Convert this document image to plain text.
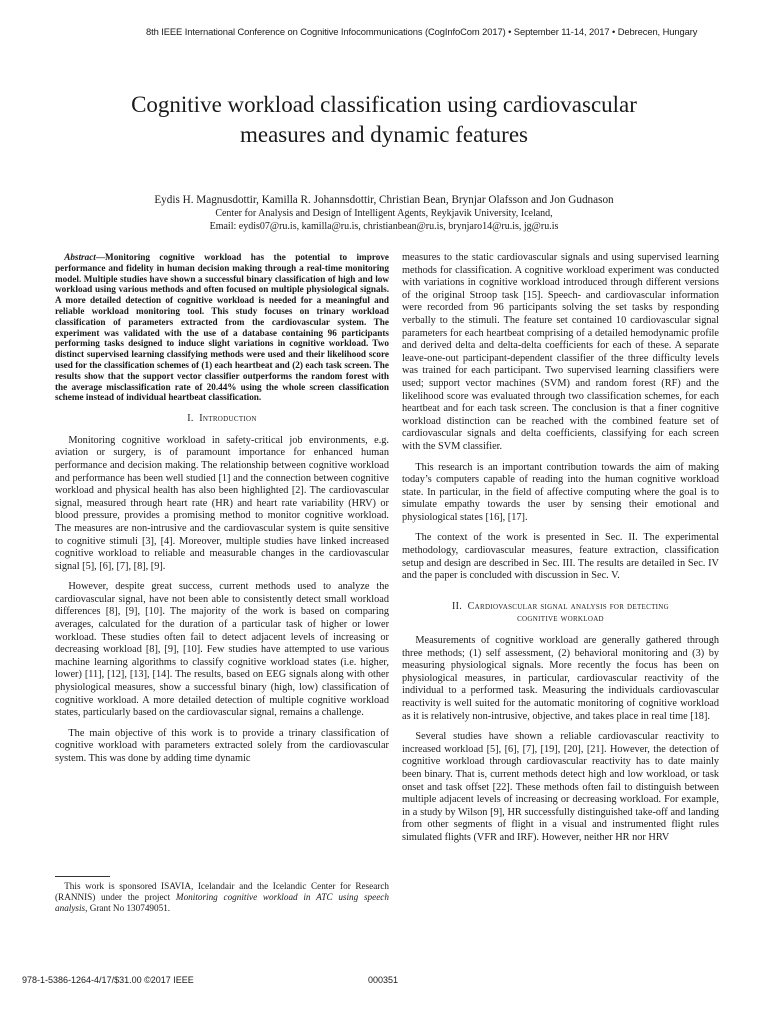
8th IEEE International Conference on Cognitive Infocommunications (CogInfoCom 2017) • September 11-14, 2017 • Debrecen, Hungary
Cognitive workload classification using cardiovascular
measures and dynamic features
Eydis H. Magnusdottir, Kamilla R. Johannsdottir, Christian Bean, Brynjar Olafsson and Jon Gudnason
Center for Analysis and Design of Intelligent Agents, Reykjavik University, Iceland,
Email: eydis07@ru.is, kamilla@ru.is, christianbean@ru.is, brynjaro14@ru.is, jg@ru.is

Abstract—Monitoring cognitive workload has the potential to improve performance and fidelity in human decision making through a real-time monitoring model. Multiple studies have shown a successful binary classification of high and low workload using various methods and often focused on multiple physiological signals. A more detailed detection of cognitive workload is needed for a meaningful and reliable workload monitoring tool. This study focuses on trinary workload classification of parameters extracted from the cardiovascular system. The experiment was validated with the use of a database containing 96 participants performing tasks designed to induce slight variations in cognitive workload. Two distinct supervised learning classifying methods were used and their likelihood score used for the classification schemes of (1) each heartbeat and (2) each task screen. The results show that the support vector classifier outperforms the random forest with the average misclassification rate of 20.44% using the whole screen classification scheme instead of individual heartbeat classification.

I. Introduction

Monitoring cognitive workload in safety-critical job environments, e.g. aviation or surgery, is of paramount importance for enhanced human performance and decision making. The relationship between cognitive workload and performance has been well studied [1] and the connection between cognitive workload and physical health has also been highlighted [2]. The cardiovascular signal, measured through heart rate (HR) and heart rate variability (HRV) or blood pressure, provides a promising method to monitor cognitive workload. The measures are non-intrusive and the cardiovascular system is quite sensitive to cognitive stimuli [3], [4]. Moreover, multiple studies have linked increased cognitive workload to reliable and measurable changes in the cardiovascular signal [5], [6], [7], [8], [9].

However, despite great success, current methods used to analyze the cardiovascular signal, have not been able to consistently detect small workload differences [8], [9], [10]. The majority of the work is based on comparing averages, calculated for the duration of a particular task of higher or lower workload. These studies often fail to detect adjacent levels of increasing or decreasing workload [8], [9], [10]. Few studies have attempted to use various machine learning algorithms to classify cognitive workload states (i.e. higher, lower) [11], [12], [13], [14]. The results, based on EEG signals along with other physiological measures, show a successful binary (high, low) classification of cognitive workload. A more detailed detection of multiple cognitive workload states, particularly based on the cardiovascular signal, remains a challenge.

The main objective of this work is to provide a trinary classification of cognitive workload with parameters extracted solely from the cardiovascular system. This was done by adding time dynamic

measures to the static cardiovascular signals and using supervised learning methods for classification. A cognitive workload experiment was conducted with variations in cognitive workload introduced through different versions of the original Stroop task [15]. Speech- and cardiovascular information were recorded from 96 participants solving the set tasks by responding verbally to the stimuli. The feature set contained 10 cardiovascular signal parameters for each heartbeat comprising of a detailed hemodynamic profile and derived delta and delta-delta coefficients for each of these. A separate leave-one-out participant-dependent classifier of the three difficulty levels was trained for each participant. Two supervised learning classifiers were used; support vector machines (SVM) and random forest (RF) and the likelihood score was evaluated through two classification schemes, for each heartbeat and for each task screen. The conclusion is that a finer cognitive workload distinction can be reached with the combined feature set of cardiovascular signals and delta coefficients, classifying for each screen with the SVM classifier.

This research is an important contribution towards the aim of making today’s computers capable of reading into the human cognitive workload state. In particular, in the field of affective computing where the goal is to simulate empathy towards the user by sensing their emotional and physiological states [16], [17].

The context of the work is presented in Sec. II. The experimental methodology, cardiovascular measures, feature extraction, classification setup and design are described in Sec. III. The results are detailed in Sec. IV and the paper is concluded with discussion in Sec. V.

II. Cardiovascular signal analysis for detecting
cognitive workload

Measurements of cognitive workload are generally gathered through three methods; (1) self assessment, (2) behavioral monitoring and (3) by measuring physiological signals. More recently the focus has been on physiological measures, in particular, cardiovascular reactivity of the individual to a performed task. Measuring the individuals cardiovascular reactivity is well suited for the automatic monitoring of cognitive workload as it is relatively non-intrusive, objective, and takes place in real time [18].

Several studies have shown a reliable cardiovascular reactivity to increased workload [5], [6], [7], [19], [20], [21]. However, the detection of cognitive workload through cardiovascular reactivity has to date mainly been binary. That is, current methods detect high and low workload, or task onset and task offset [22]. These methods often fail to distinguish between multiple adjacent levels of increasing or decreasing workload. For example, in a study by Wilson [9], HR successfully distinguished take-off and landing from other segments of flight in a visual and instrumented flight rules simulated flights (VFR and IRF). However, neither HR nor HRV

This work is sponsored ISAVIA, Icelandair and the Icelandic Center for Research (RANNIS) under the project Monitoring cognitive workload in ATC using speech analysis, Grant No 130749051.

978-1-5386-1264-4/17/$31.00 ©2017 IEEE	000351
